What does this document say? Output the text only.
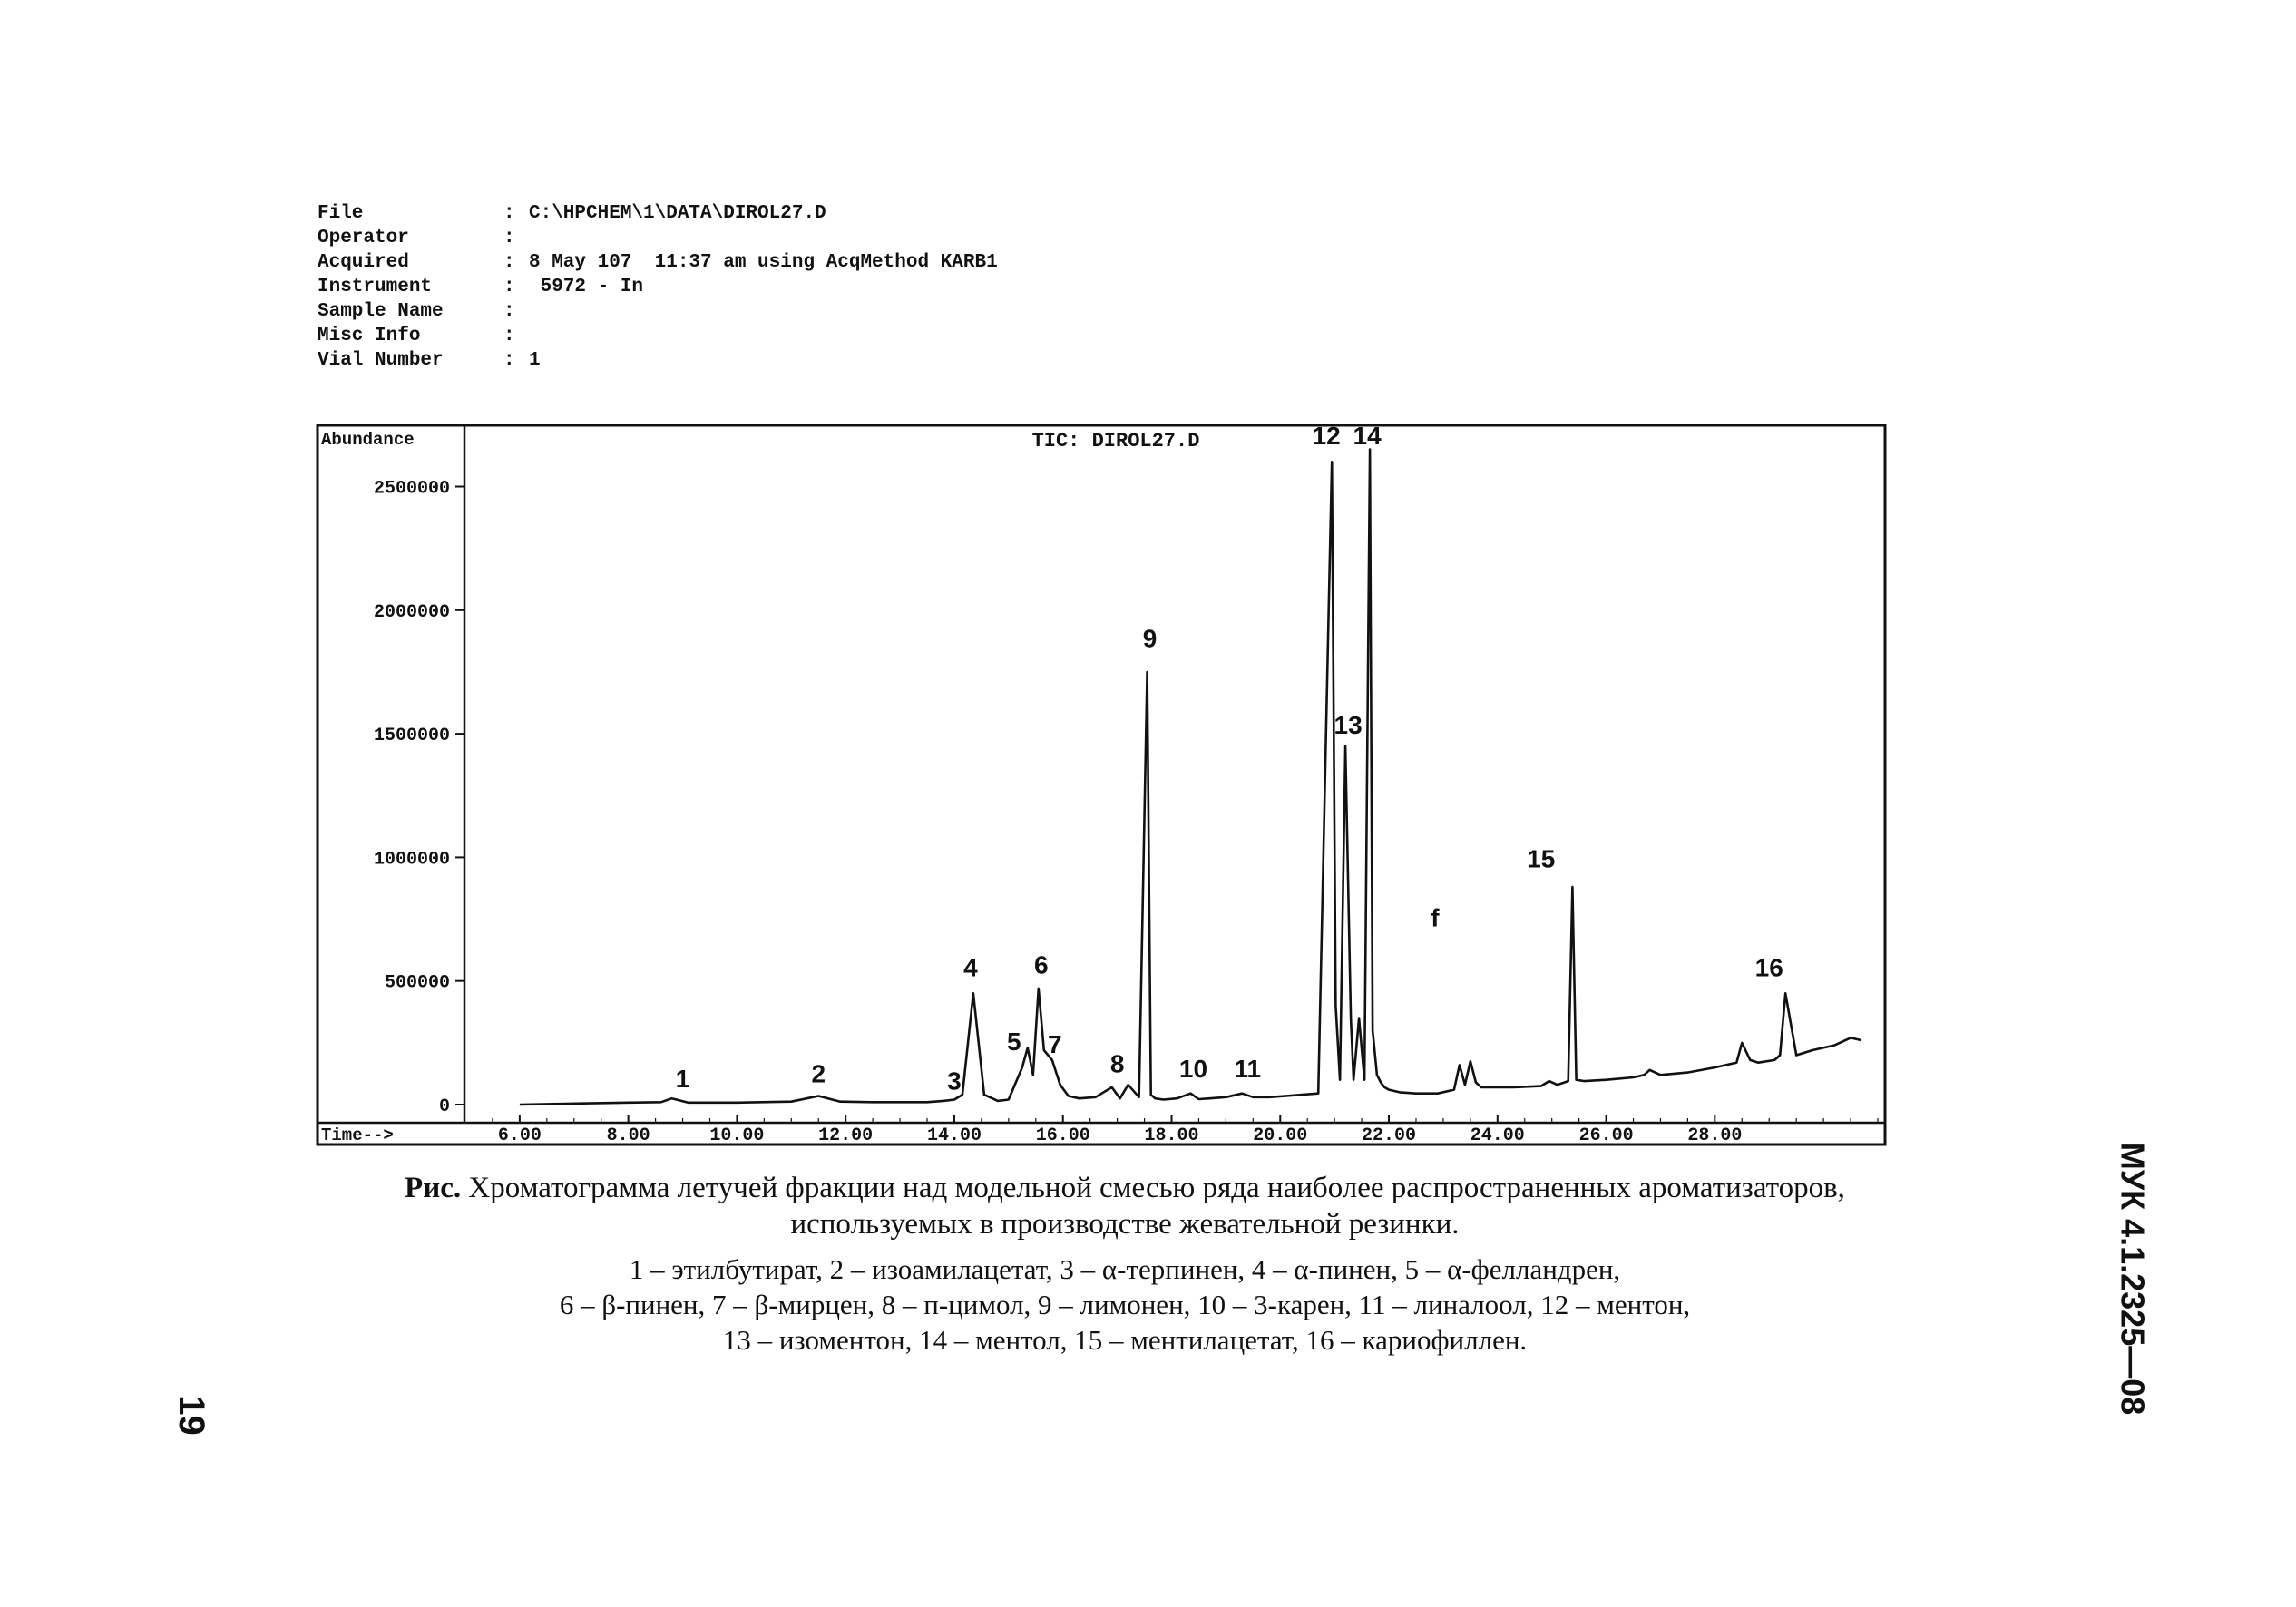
File	: C:\HPCHEM\1\DATA\DIROL27.D
Operator	:
Acquired	: 8 May 107  11:37 am using AcqMethod KARB1
Instrument	: 5972 - In
Sample Name	:
Misc Info	:
Vial Number	: 1
TIC: DIROL27.D
Abundance
Time-->
0
500000
1000000
1500000
2000000
2500000
6.00	8.00	10.00	12.00	14.00	16.00	18.00	20.00	22.00	24.00	26.00	28.00
1	2	3
4
5
6
7
8
9
10 11
12
13
14
f
15
16
Рис. Хроматограмма летучей фракции над модельной смесью ряда наиболее распространенных ароматизаторов, используемых в производстве жевательной резинки.
1 – этилбутират, 2 – изоамилацетат, 3 – α-терпинен, 4 – α-пинен, 5 – α-фелландрен,
6 – β-пинен, 7 – β-мирцен, 8 – п-цимол, 9 – лимонен, 10 – 3-карен, 11 – линалоол, 12 – ментон,
13 – изоментон, 14 – ментол, 15 – ментилацетат, 16 – кариофиллен.	МУК 4.1.2325—08
19
